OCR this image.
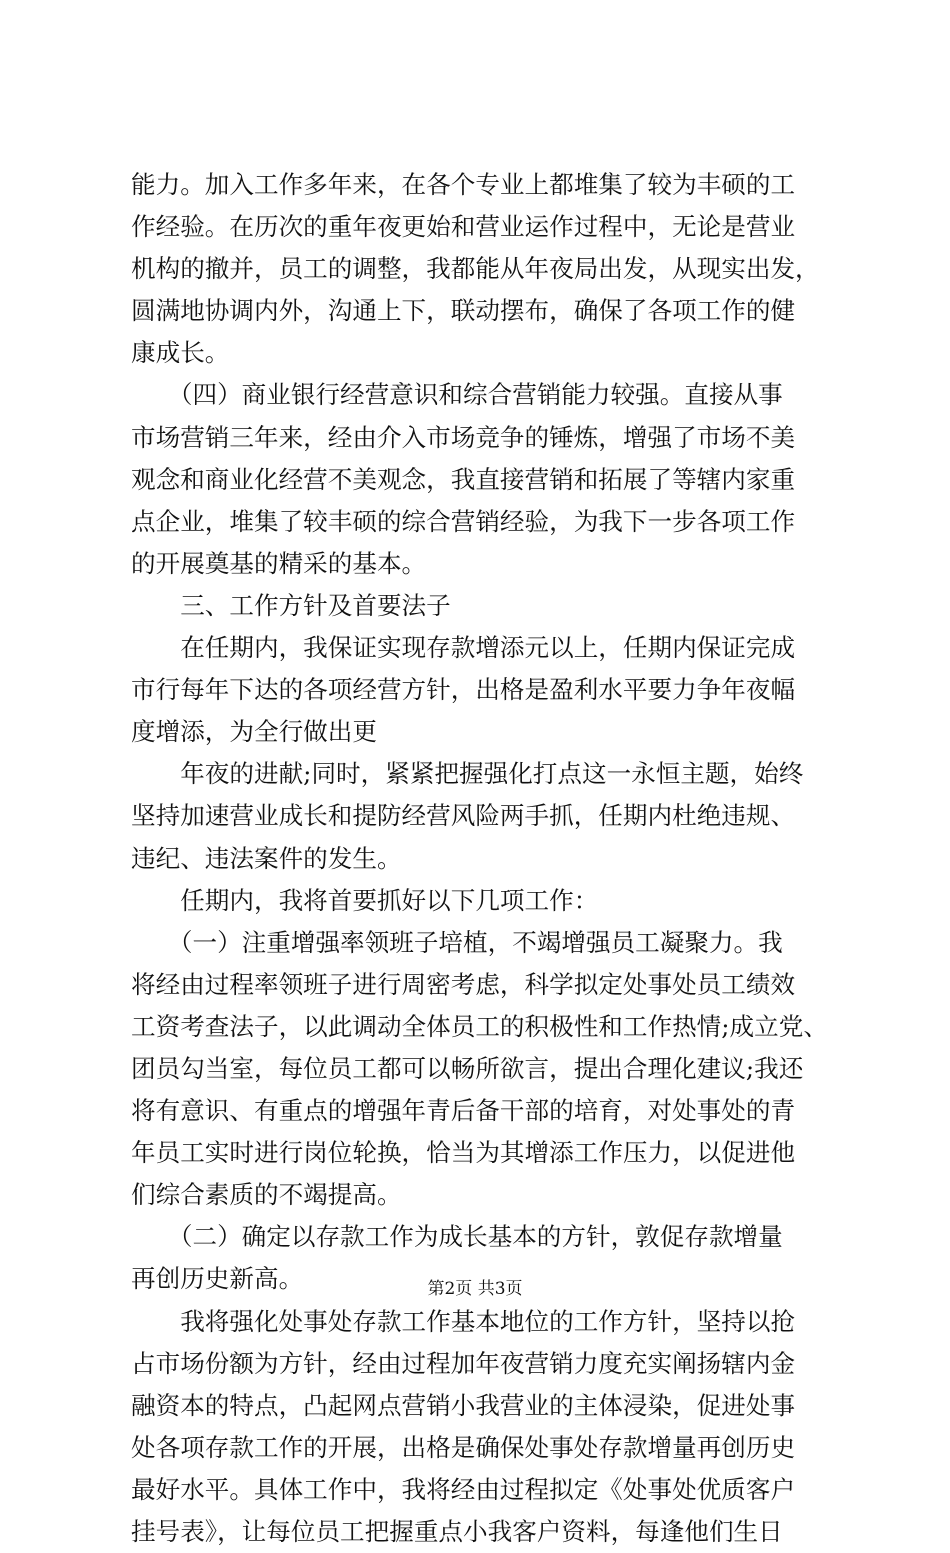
能力。加入工作多年来，在各个专业上都堆集了较为丰硕的工
作经验。在历次的重年夜更始和营业运作过程中，无论是营业
机构的撤并，员工的调整，我都能从年夜局出发，从现实出发，
圆满地协调内外，沟通上下，联动摆布，确保了各项工作的健
康成长。
　　（四）商业银行经营意识和综合营销能力较强。直接从事
市场营销三年来，经由介入市场竞争的锤炼，增强了市场不美
观念和商业化经营不美观念，我直接营销和拓展了等辖内家重
点企业，堆集了较丰硕的综合营销经验，为我下一步各项工作
的开展奠基的精采的基本。
　　三、工作方针及首要法子
　　在任期内，我保证实现存款增添元以上，任期内保证完成
市行每年下达的各项经营方针，出格是盈利水平要力争年夜幅
度增添，为全行做出更
　　年夜的进献;同时，紧紧把握强化打点这一永恒主题，始终
坚持加速营业成长和提防经营风险两手抓，任期内杜绝违规、
违纪、违法案件的发生。
　　任期内，我将首要抓好以下几项工作：
　　（一）注重增强率领班子培植，不竭增强员工凝聚力。我
将经由过程率领班子进行周密考虑，科学拟定处事处员工绩效
工资考查法子，以此调动全体员工的积极性和工作热情;成立党、
团员勾当室，每位员工都可以畅所欲言，提出合理化建议;我还
将有意识、有重点的增强年青后备干部的培育，对处事处的青
年员工实时进行岗位轮换，恰当为其增添工作压力，以促进他
们综合素质的不竭提高。
　　（二）确定以存款工作为成长基本的方针，敦促存款增量
再创历史新高。
　　我将强化处事处存款工作基本地位的工作方针，坚持以抢
占市场份额为方针，经由过程加年夜营销力度充实阐扬辖内金
融资本的特点，凸起网点营销小我营业的主体浸染，促进处事
处各项存款工作的开展，出格是确保处事处存款增量再创历史
最好水平。具体工作中，我将经由过程拟定《处事处优质客户
挂号表》，让每位员工把握重点小我客户资料，每逢他们生日
第2页 共3页
